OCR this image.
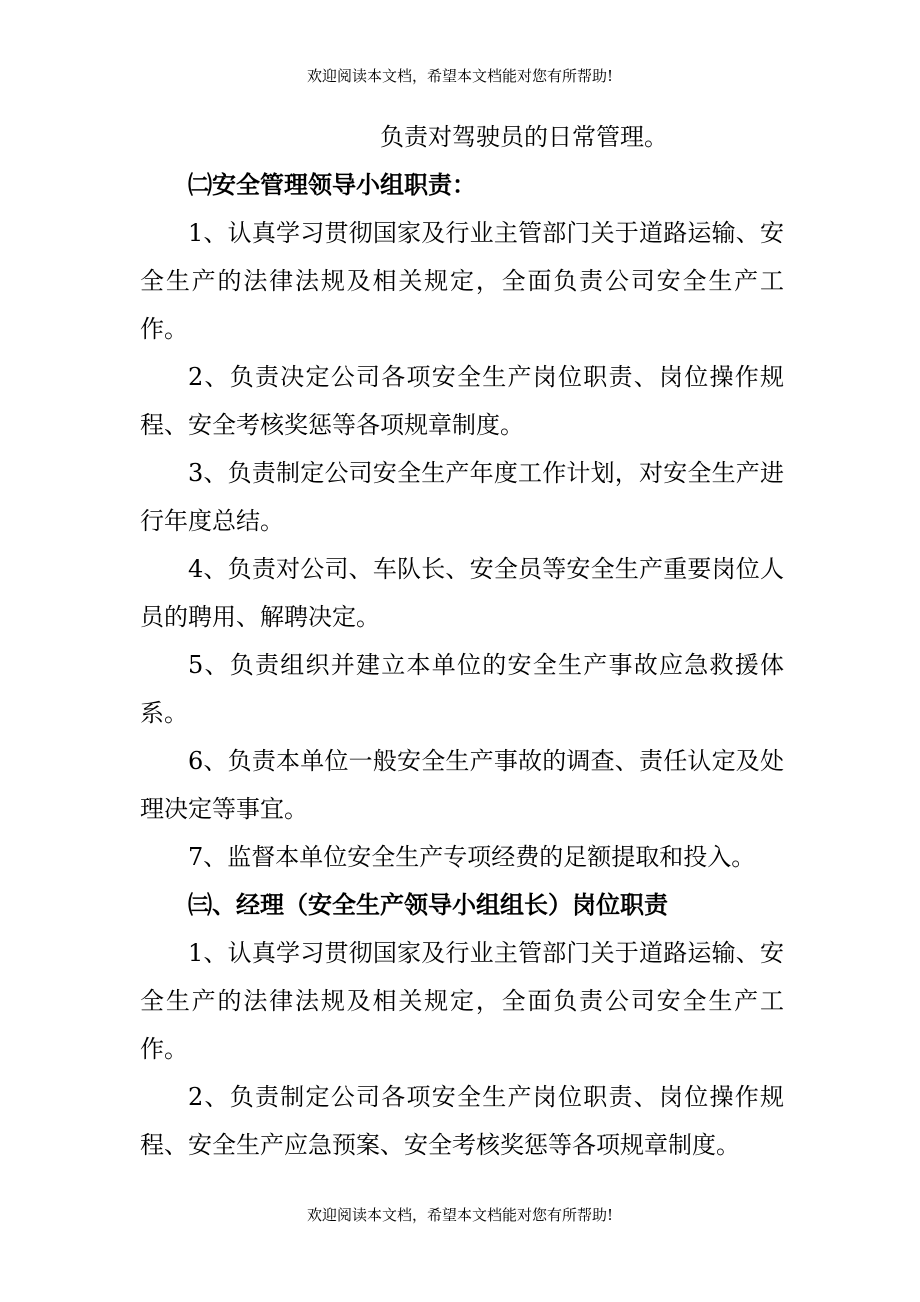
欢迎阅读本文档，希望本文档能对您有所帮助!

负责对驾驶员的日常管理。

㈡安全管理领导小组职责：

1、认真学习贯彻国家及行业主管部门关于道路运输、安全生产的法律法规及相关规定，全面负责公司安全生产工作。

2、负责决定公司各项安全生产岗位职责、岗位操作规程、安全考核奖惩等各项规章制度。

3、负责制定公司安全生产年度工作计划，对安全生产进行年度总结。

4、负责对公司、车队长、安全员等安全生产重要岗位人员的聘用、解聘决定。

5、负责组织并建立本单位的安全生产事故应急救援体系。

6、负责本单位一般安全生产事故的调查、责任认定及处理决定等事宜。

7、监督本单位安全生产专项经费的足额提取和投入。

㈢、经理（安全生产领导小组组长）岗位职责

1、认真学习贯彻国家及行业主管部门关于道路运输、安全生产的法律法规及相关规定，全面负责公司安全生产工作。

2、负责制定公司各项安全生产岗位职责、岗位操作规程、安全生产应急预案、安全考核奖惩等各项规章制度。

欢迎阅读本文档，希望本文档能对您有所帮助!
